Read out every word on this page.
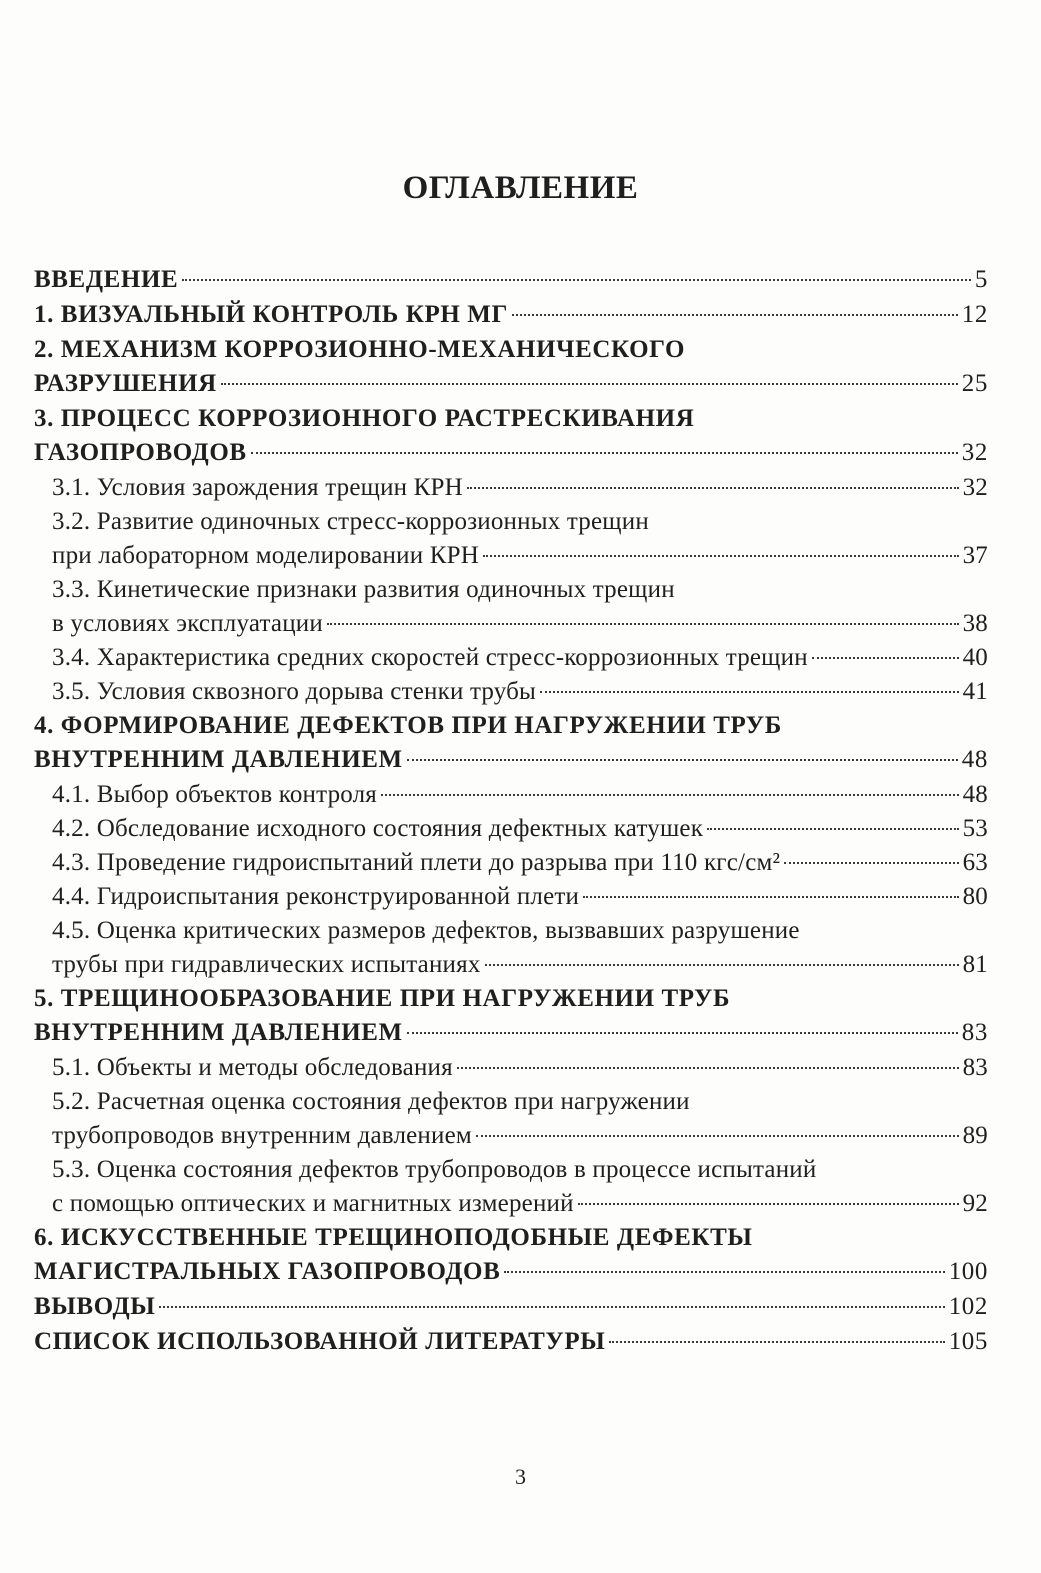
ОГЛАВЛЕНИЕ
ВВЕДЕНИЕ	5
1. ВИЗУАЛЬНЫЙ КОНТРОЛЬ КРН МГ	12
2. МЕХАНИЗМ КОРРОЗИОННО-МЕХАНИЧЕСКОГО
РАЗРУШЕНИЯ	25
3. ПРОЦЕСС КОРРОЗИОННОГО РАСТРЕСКИВАНИЯ
ГАЗОПРОВОДОВ	32
3.1. Условия зарождения трещин КРН	32
3.2. Развитие одиночных стресс-коррозионных трещин
при лабораторном моделировании КРН	37
3.3. Кинетические признаки развития одиночных трещин
в условиях эксплуатации	38
3.4. Характеристика средних скоростей стресс-коррозионных трещин	40
3.5. Условия сквозного дорыва стенки трубы	41
4. ФОРМИРОВАНИЕ ДЕФЕКТОВ ПРИ НАГРУЖЕНИИ ТРУБ
ВНУТРЕННИМ ДАВЛЕНИЕМ	48
4.1. Выбор объектов контроля	48
4.2. Обследование исходного состояния дефектных катушек	53
4.3. Проведение гидроиспытаний плети до разрыва при 110 кгс/см²	63
4.4. Гидроиспытания реконструированной плети	80
4.5. Оценка критических размеров дефектов, вызвавших разрушение
трубы при гидравлических испытаниях	81
5. ТРЕЩИНООБРАЗОВАНИЕ ПРИ НАГРУЖЕНИИ ТРУБ
ВНУТРЕННИМ ДАВЛЕНИЕМ	83
5.1. Объекты и методы обследования	83
5.2. Расчетная оценка состояния дефектов при нагружении
трубопроводов внутренним давлением	89
5.3. Оценка состояния дефектов трубопроводов в процессе испытаний
с помощью оптических и магнитных измерений	92
6. ИСКУССТВЕННЫЕ ТРЕЩИНОПОДОБНЫЕ ДЕФЕКТЫ
МАГИСТРАЛЬНЫХ ГАЗОПРОВОДОВ	100
ВЫВОДЫ	102
СПИСОК ИСПОЛЬЗОВАННОЙ ЛИТЕРАТУРЫ	105
3
